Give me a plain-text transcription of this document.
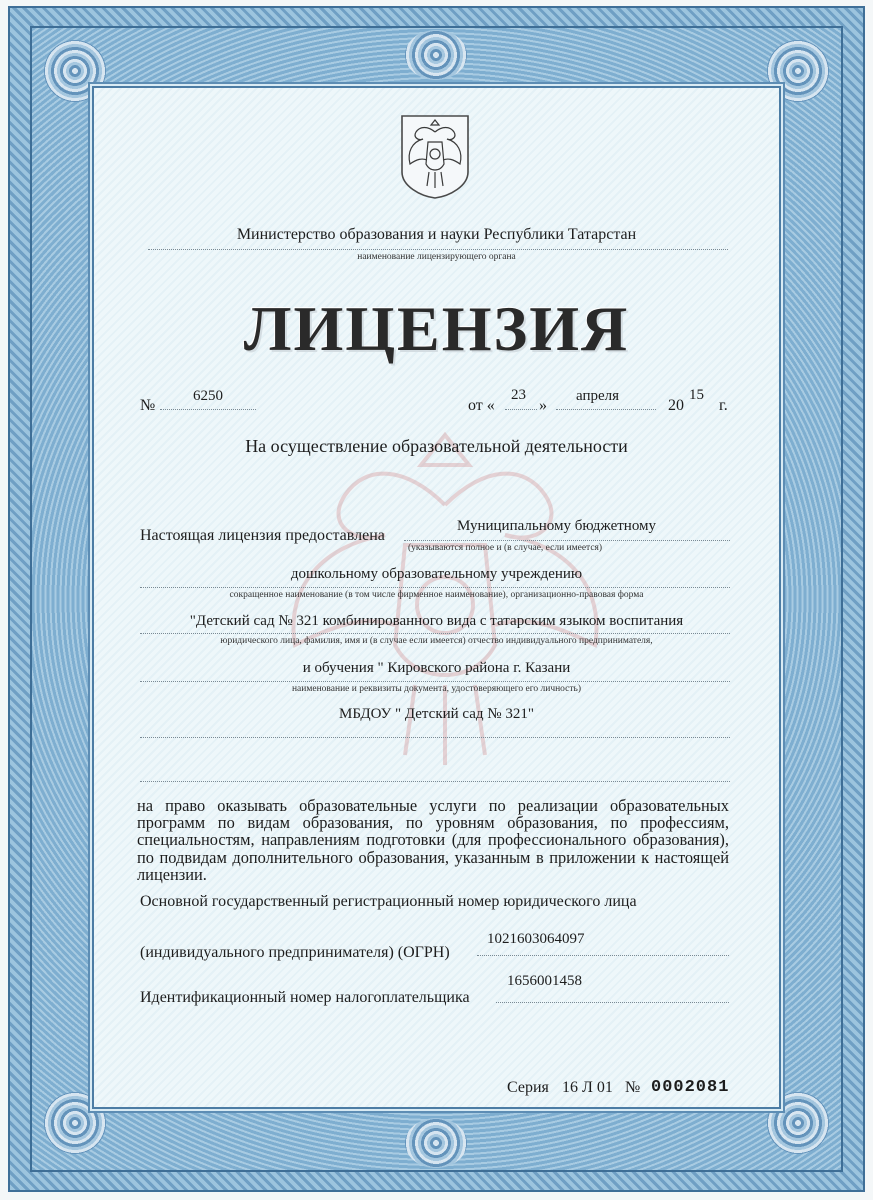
Министерство образования и науки Республики Татарстан
наименование лицензирующего органа
ЛИЦЕНЗИЯ
№
6250
от «
23
»
апреля
20
15
г.
На осуществление образовательной деятельности
Настоящая лицензия предоставлена
Муниципальному бюджетному
(указываются полное и (в случае, если имеется)
дошкольному образовательному учреждению
сокращенное наименование (в том числе фирменное наименование), организационно-правовая форма
"Детский сад № 321 комбинированного вида с татарским языком воспитания
юридического лица, фамилия, имя и (в случае если имеется) отчество индивидуального предпринимателя,
и обучения " Кировского района г. Казани
наименование и реквизиты документа, удостоверяющего его личность)
МБДОУ " Детский сад № 321"
на право оказывать образовательные услуги по реализации образовательных программ по видам образования, по уровням образования, по профессиям, специальностям, направлениям подготовки (для профессионального образования), по подвидам дополнительного образования, указанным в приложении к настоящей лицензии.
Основной государственный регистрационный номер юридического лица
(индивидуального предпринимателя) (ОГРН)
1021603064097
Идентификационный номер налогоплательщика
1656001458
Серия 16 Л 01 № 0002081
